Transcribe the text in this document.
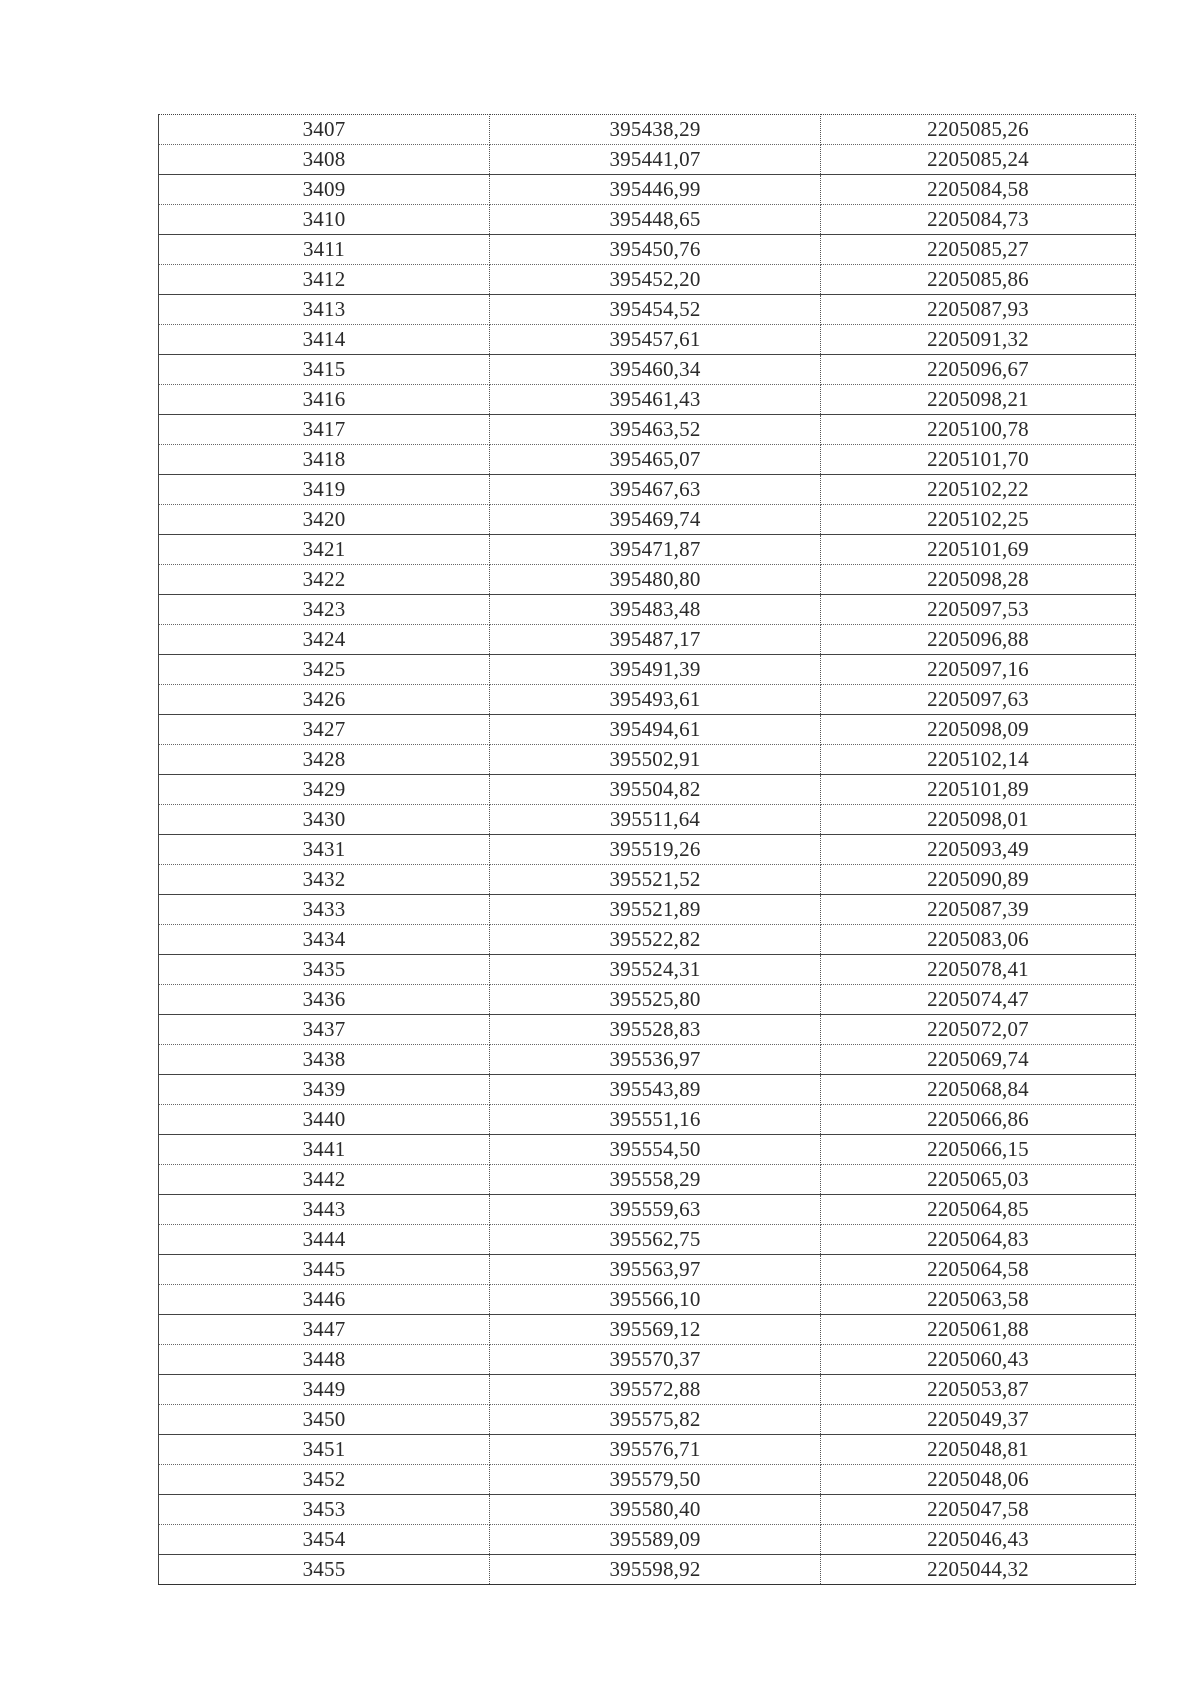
3407	395438,29	2205085,26
3408	395441,07	2205085,24
3409	395446,99	2205084,58
3410	395448,65	2205084,73
3411	395450,76	2205085,27
3412	395452,20	2205085,86
3413	395454,52	2205087,93
3414	395457,61	2205091,32
3415	395460,34	2205096,67
3416	395461,43	2205098,21
3417	395463,52	2205100,78
3418	395465,07	2205101,70
3419	395467,63	2205102,22
3420	395469,74	2205102,25
3421	395471,87	2205101,69
3422	395480,80	2205098,28
3423	395483,48	2205097,53
3424	395487,17	2205096,88
3425	395491,39	2205097,16
3426	395493,61	2205097,63
3427	395494,61	2205098,09
3428	395502,91	2205102,14
3429	395504,82	2205101,89
3430	395511,64	2205098,01
3431	395519,26	2205093,49
3432	395521,52	2205090,89
3433	395521,89	2205087,39
3434	395522,82	2205083,06
3435	395524,31	2205078,41
3436	395525,80	2205074,47
3437	395528,83	2205072,07
3438	395536,97	2205069,74
3439	395543,89	2205068,84
3440	395551,16	2205066,86
3441	395554,50	2205066,15
3442	395558,29	2205065,03
3443	395559,63	2205064,85
3444	395562,75	2205064,83
3445	395563,97	2205064,58
3446	395566,10	2205063,58
3447	395569,12	2205061,88
3448	395570,37	2205060,43
3449	395572,88	2205053,87
3450	395575,82	2205049,37
3451	395576,71	2205048,81
3452	395579,50	2205048,06
3453	395580,40	2205047,58
3454	395589,09	2205046,43
3455	395598,92	2205044,32
